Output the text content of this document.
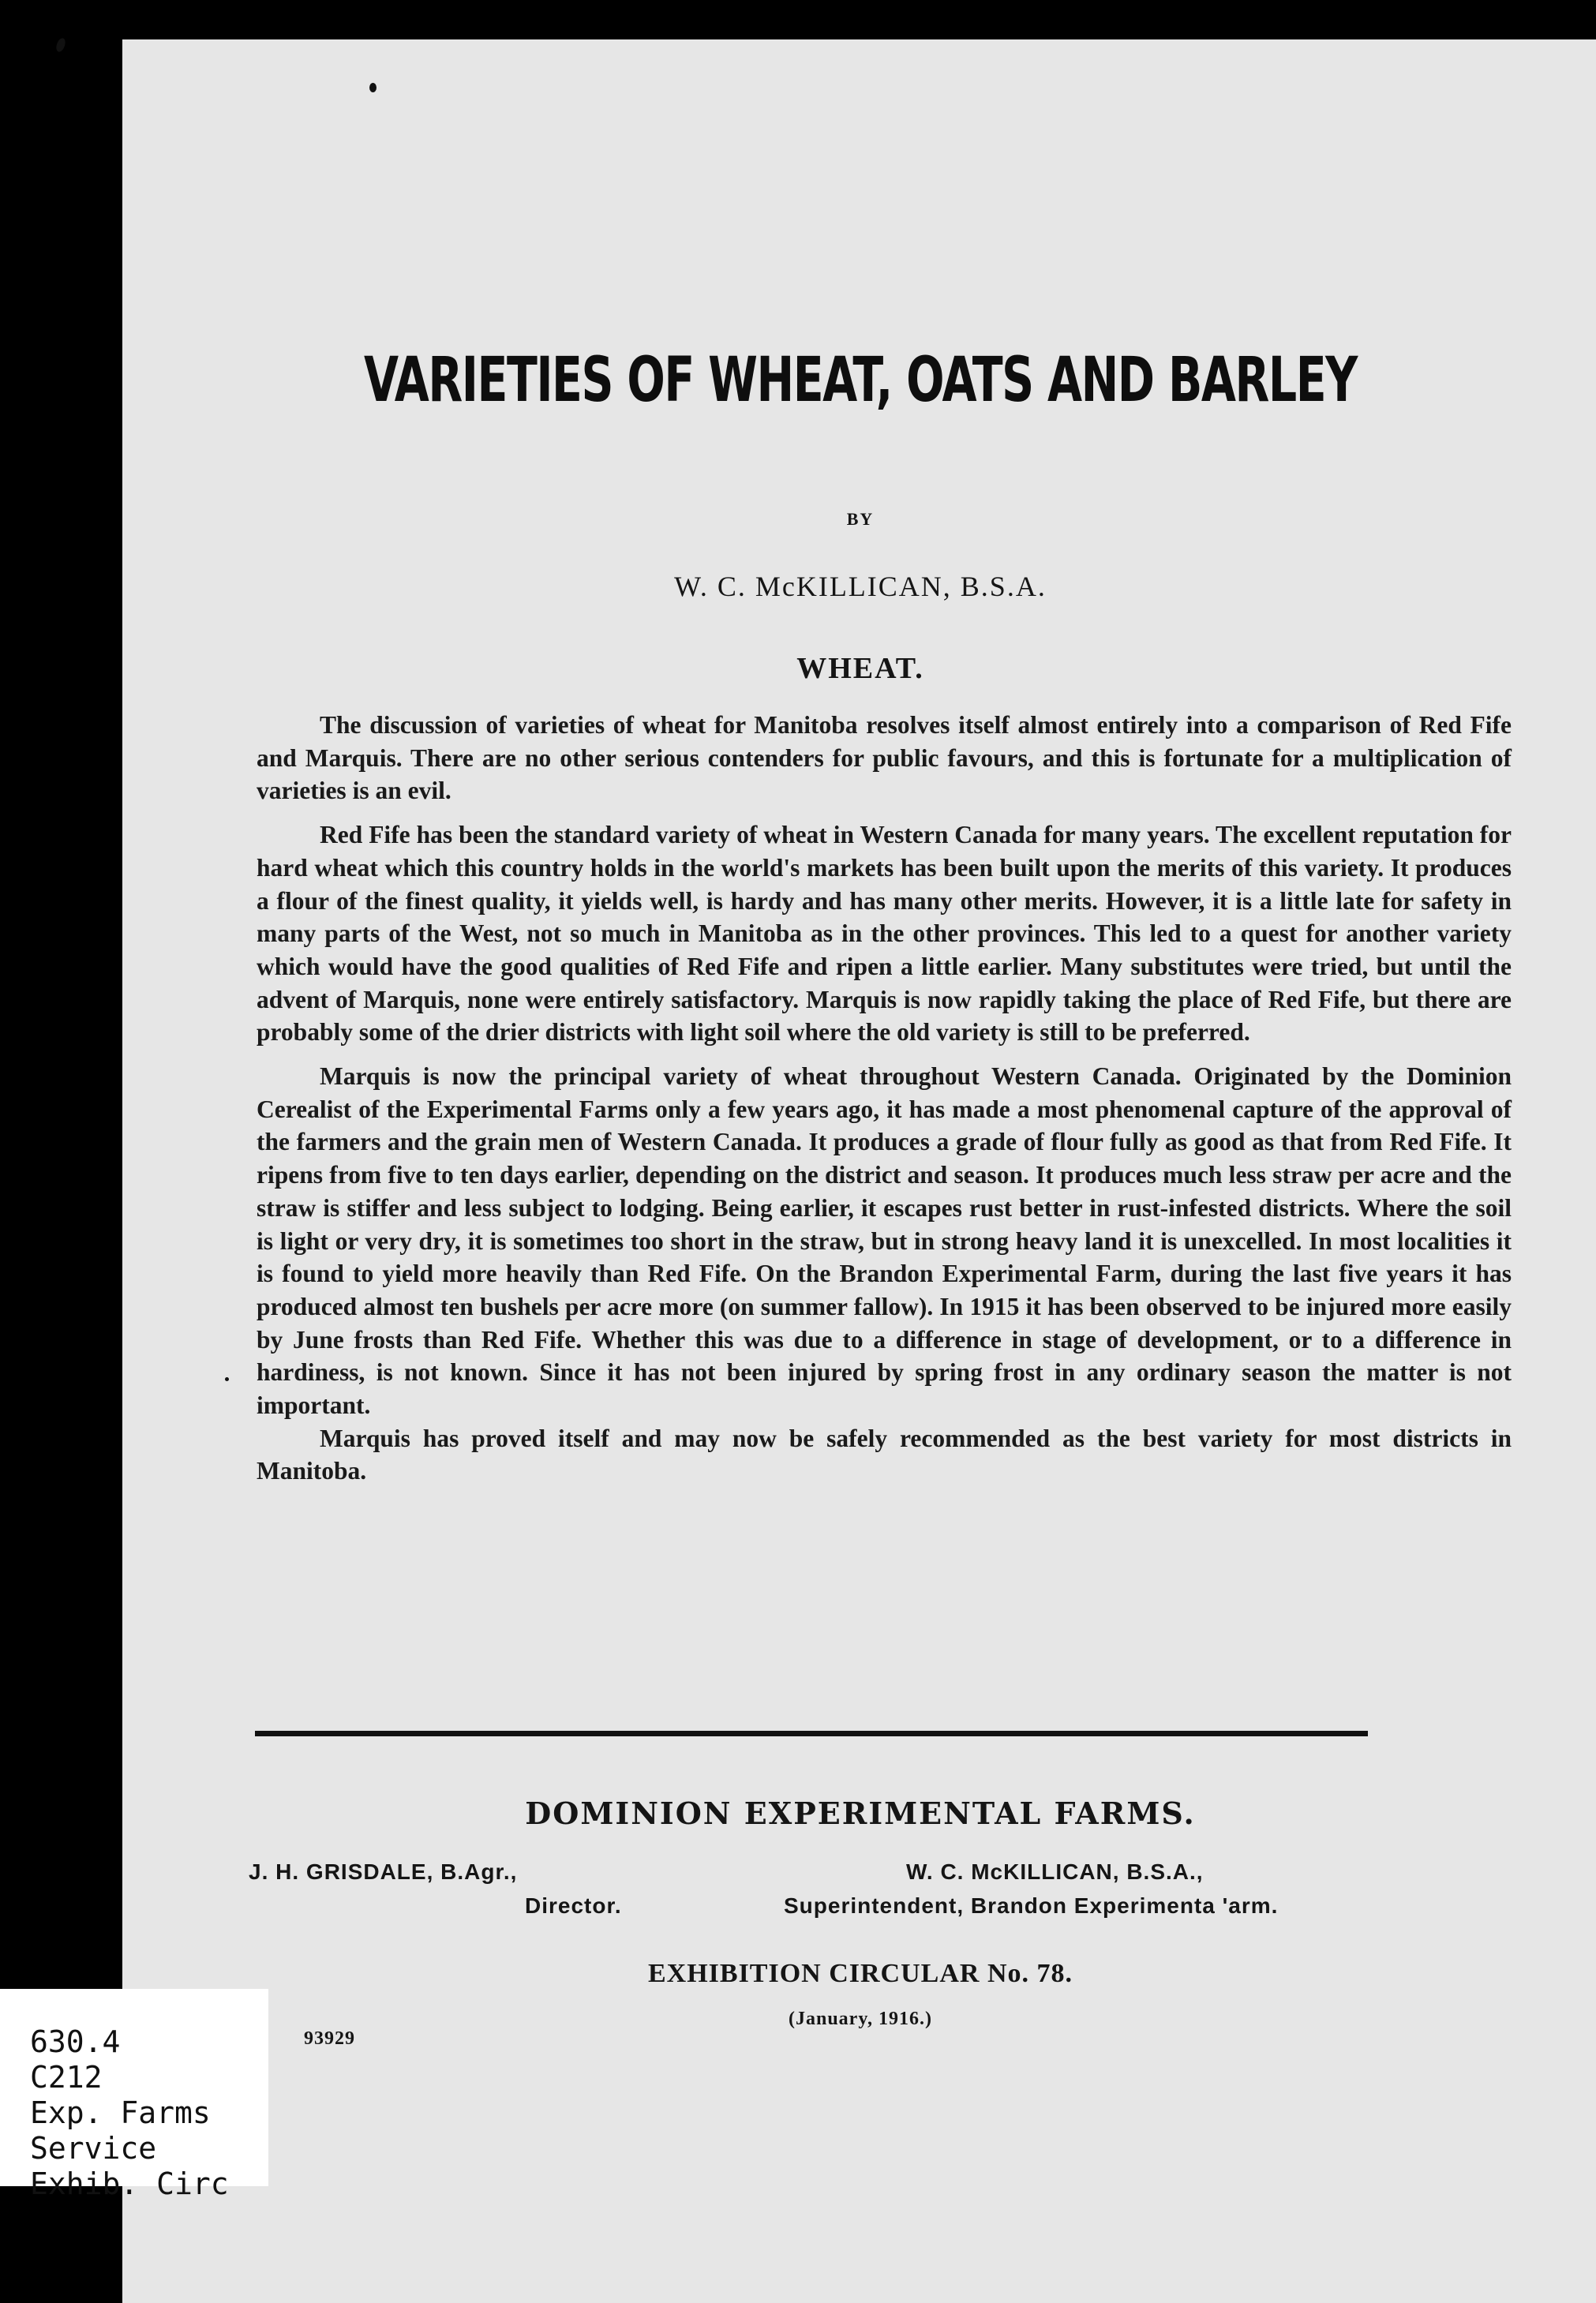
VARIETIES OF WHEAT, OATS AND BARLEY
BY
W. C. McKILLICAN, B.S.A.
WHEAT.

The discussion of varieties of wheat for Manitoba resolves itself almost entirely into a comparison of Red Fife and Marquis. There are no other serious contenders for public favours, and this is fortunate for a multiplication of varieties is an evil.

Red Fife has been the standard variety of wheat in Western Canada for many years. The excellent reputation for hard wheat which this country holds in the world's markets has been built upon the merits of this variety. It produces a flour of the finest quality, it yields well, is hardy and has many other merits. However, it is a little late for safety in many parts of the West, not so much in Manitoba as in the other provinces. This led to a quest for another variety which would have the good qualities of Red Fife and ripen a little earlier. Many substitutes were tried, but until the advent of Marquis, none were entirely satisfactory. Marquis is now rapidly taking the place of Red Fife, but there are probably some of the drier districts with light soil where the old variety is still to be preferred.

Marquis is now the principal variety of wheat throughout Western Canada. Originated by the Dominion Cerealist of the Experimental Farms only a few years ago, it has made a most phenomenal capture of the approval of the farmers and the grain men of Western Canada. It produces a grade of flour fully as good as that from Red Fife. It ripens from five to ten days earlier, depending on the district and season. It produces much less straw per acre and the straw is stiffer and less subject to lodging. Being earlier, it escapes rust better in rust-infested districts. Where the soil is light or very dry, it is sometimes too short in the straw, but in strong heavy land it is unexcelled. In most localities it is found to yield more heavily than Red Fife. On the Brandon Experimental Farm, during the last five years it has produced almost ten bushels per acre more (on summer fallow). In 1915 it has been observed to be injured more easily by June frosts than Red Fife. Whether this was due to a difference in stage of development, or to a difference in hardiness, is not known. Since it has not been injured by spring frost in any ordinary season the matter is not important.

Marquis has proved itself and may now be safely recommended as the best variety for most districts in Manitoba.

DOMINION EXPERIMENTAL FARMS.
J. H. GRISDALE, B.Agr.,
Director.
W. C. McKILLICAN, B.S.A.,
Superintendent, Brandon Experimenta 'arm.
EXHIBITION CIRCULAR No. 78.
(January, 1916.)
93929
630.4
C212
Exp. Farms
Service
Exhib. Circ
